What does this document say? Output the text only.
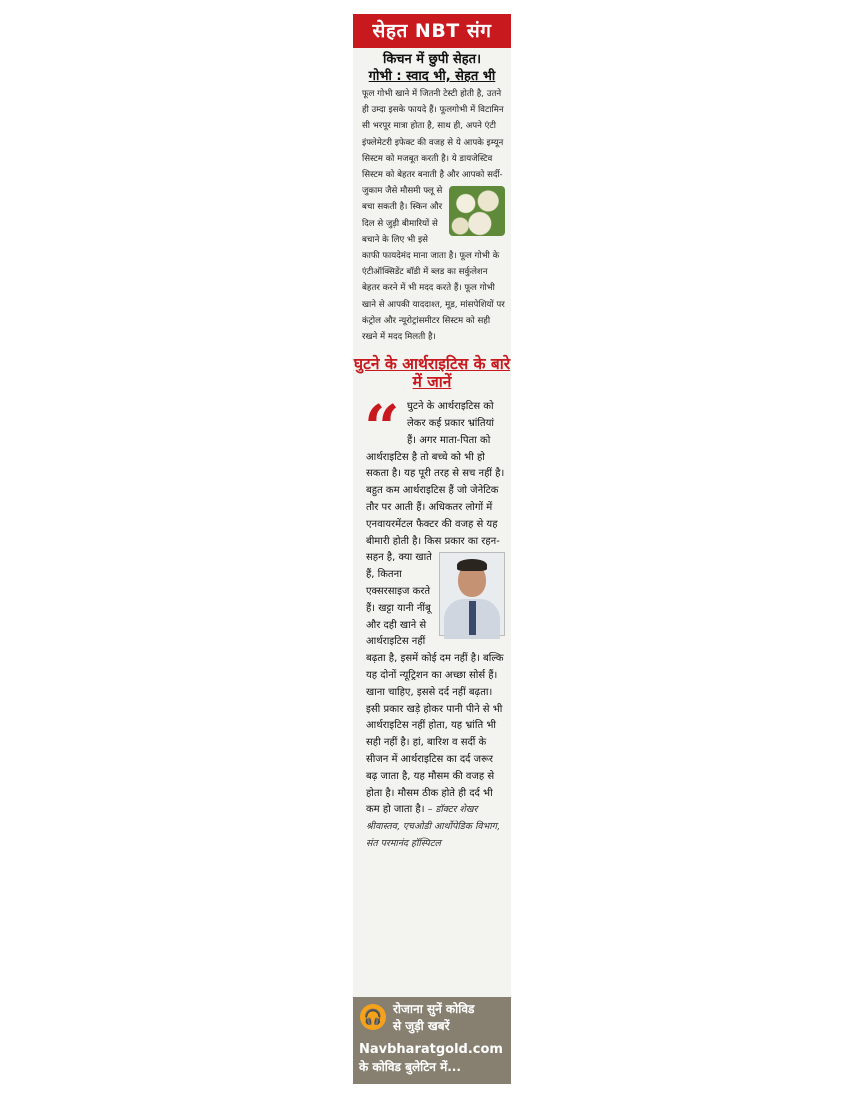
सेहत NBT संग
किचन में छुपी सेहत।
गोभी : स्वाद भी, सेहत भी
फूल गोभी खाने में जितनी टेस्टी होती है, उतने ही उम्दा इसके फायदे हैं। फूलगोभी में विटामिन सी भरपूर मात्रा होता है, साथ ही, अपने एंटी इंफ्लेमेटरी इफेक्ट की वजह से ये आपके इम्यून सिस्टम को मजबूत करती है। ये डायजेस्टिव सिस्टम को बेहतर बनाती है और आपको
सर्दी-जुकाम जैसे मौसमी फ्लू से बचा सकती है। स्किन और दिल से जुड़ी बीमारियों से बचाने के लिए भी इसे काफी फायदेमंद माना जाता है। फूल गोभी के एंटीऑक्सिडेंट बॉडी में ब्लड का सर्कुलेशन बेहतर करने में भी मदद करते हैं। फूल गोभी खाने से आपकी याददाश्त, मूड, मांसपेशियों पर कंट्रोल और न्यूरोट्रांसमीटर सिस्टम को सही रखने में मदद मिलती है।
घुटने के आर्थराइटिस के बारे में जानें
“ घुटने के आर्थराइटिस को लेकर कई प्रकार भ्रांतियां हैं। अगर माता-पिता को आर्थराइटिस है तो बच्चे को भी हो सकता है। यह पूरी तरह से सच नहीं है। बहुत कम आर्थराइटिस हैं जो जेनेटिक तौर पर आती हैं। अधिकतर लोगों में एनवायरमेंटल फैक्टर की वजह से यह बीमारी होती है। किस
प्रकार का रहन-सहन है, क्या खाते हैं, कितना एक्सरसाइज करते हैं। खट्टा यानी नींबू और दही खाने से आर्थराइटिस नहीं बढ़ता है, इसमें कोई दम नहीं है। बल्कि यह दोनों न्यूट्रिशन का अच्छा सोर्स हैं। खाना चाहिए, इससे दर्द नहीं बढ़ता। इसी प्रकार खड़े होकर पानी पीने से भी आर्थराइटिस नहीं होता, यह भ्रांति भी सही नहीं है। हां, बारिश व सर्दी के सीजन में आर्थराइटिस का दर्द जरूर बढ़ जाता है, यह मौसम की वजह से होता है। मौसम ठीक होते ही दर्द भी कम हो जाता है। – डॉक्टर शेखर श्रीवास्तव, एचओडी आर्थोपेडिक विभाग, संत परमानंद हॉस्पिटल
🎧 रोजाना सुनें कोविड
से जुड़ी खबरें
Navbharatgold.com
के कोविड बुलेटिन में...
